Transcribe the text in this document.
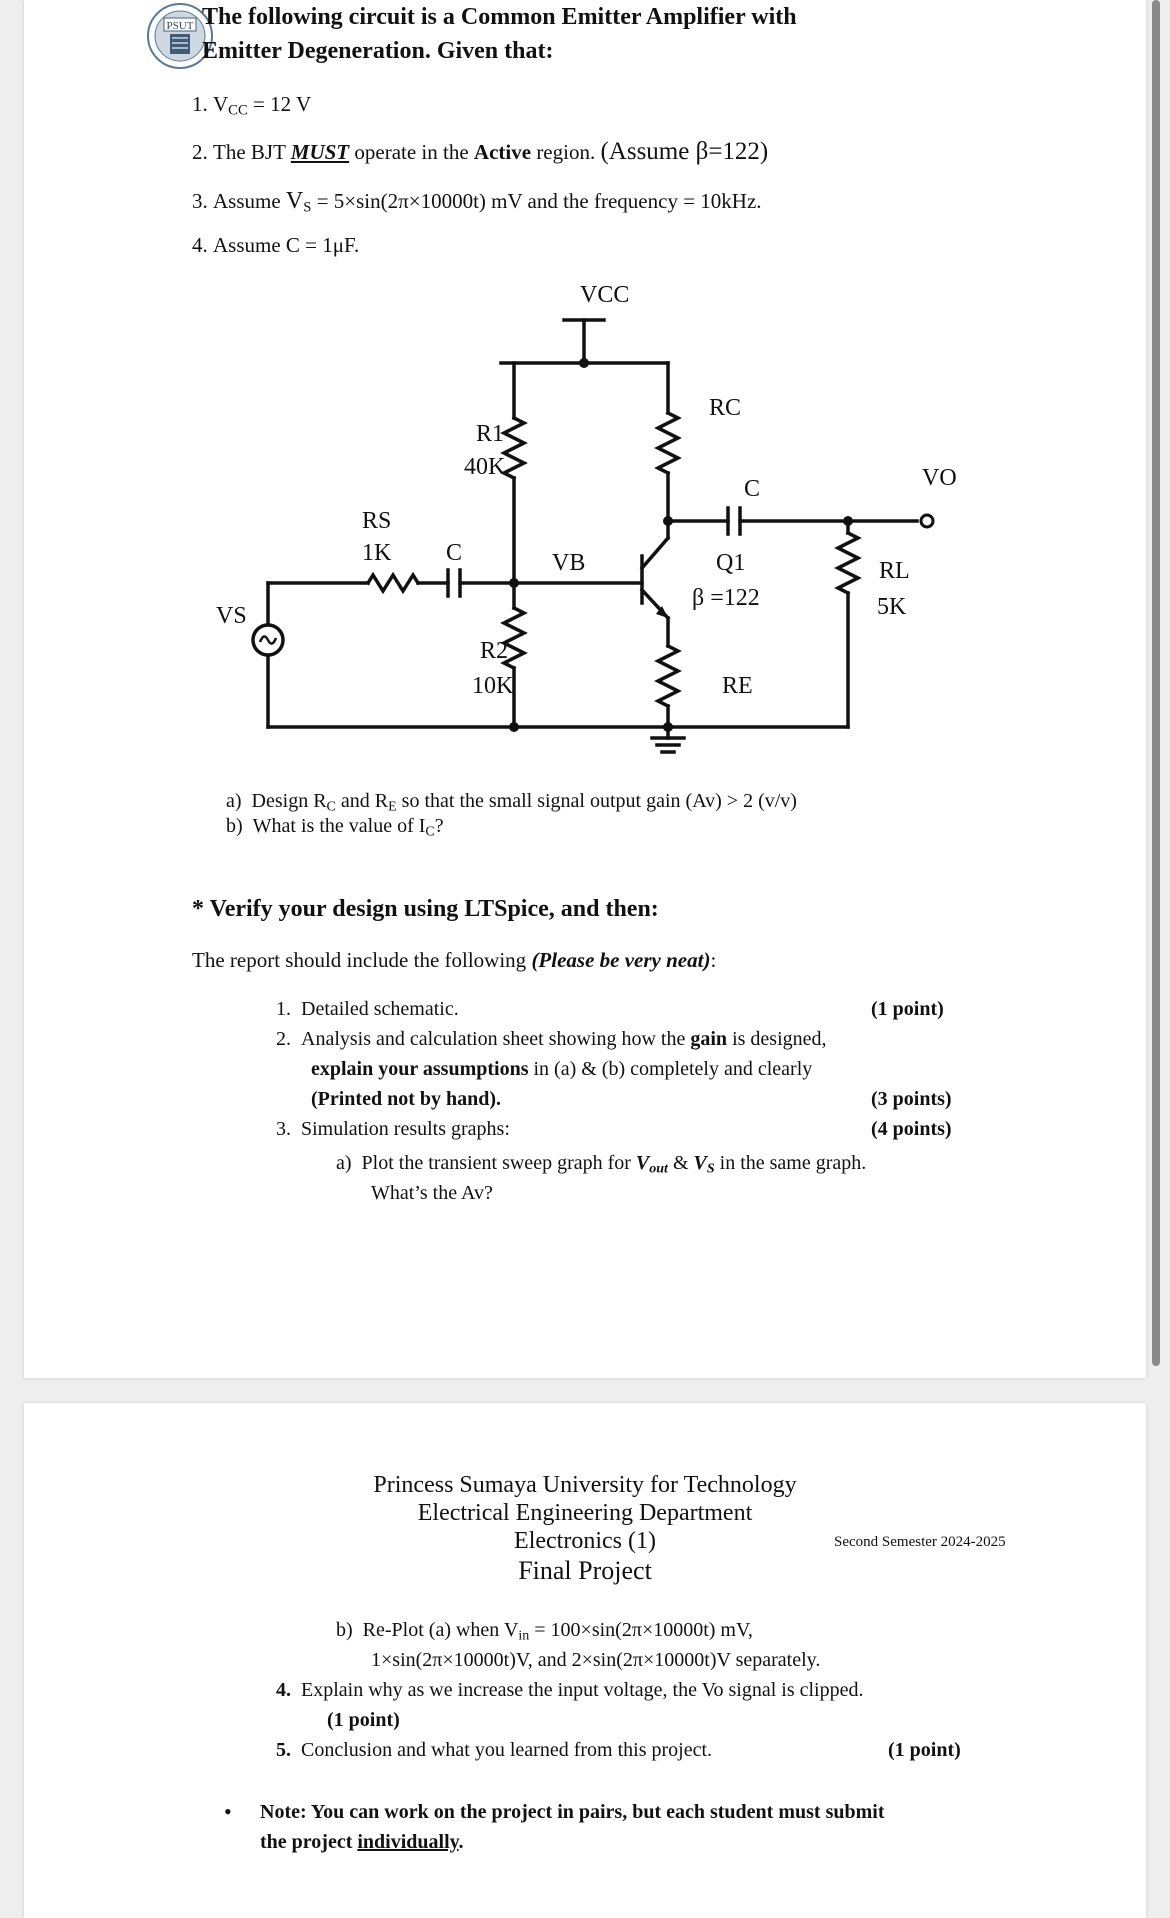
PSUT The following circuit is a Common Emitter Amplifier with
Emitter Degeneration. Given that:
1. $V_{CC} = 12$ V
2. The BJT MUST operate in the Active region. (Assume β=122)
3. Assume $V_S = 5\times\sin(2\pi\times 10000t)$ mV and the frequency = 10kHz.
4. Assume C = 1μF.
VCC
RC
R1
40K
C	VO
RS
1K C	VB	Q1
β =122
RL
5K
VS
R2
10K	RE
a) Design $R_C$ and $R_E$ so that the small signal output gain (Av) > 2 (v/v)
b) What is the value of $I_C$?
* Verify your design using LTSpice, and then:
The report should include the following (Please be very neat):
1. Detailed schematic.	(1 point)
2. Analysis and calculation sheet showing how the gain is designed,
explain your assumptions in (a) & (b) completely and clearly
(Printed not by hand).	(3 points)
3. Simulation results graphs:	(4 points)
a) Plot the transient sweep graph for $V_{out}$ & $V_S$ in the same graph.
What’s the Av?
Princess Sumaya University for Technology
Electrical Engineering Department
Electronics (1)
Final Project
Second Semester 2024-2025
b) Re-Plot (a) when $V_{in} = 100\times\sin(2\pi\times 10000t)$ mV,
1×sin(2π×10000t)V, and 2×sin(2π×10000t)V separately.
4. Explain why as we increase the input voltage, the Vo signal is clipped.
(1 point)
5. Conclusion and what you learned from this project.	(1 point)
• Note: You can work on the project in pairs, but each student must submit
the project individually.
